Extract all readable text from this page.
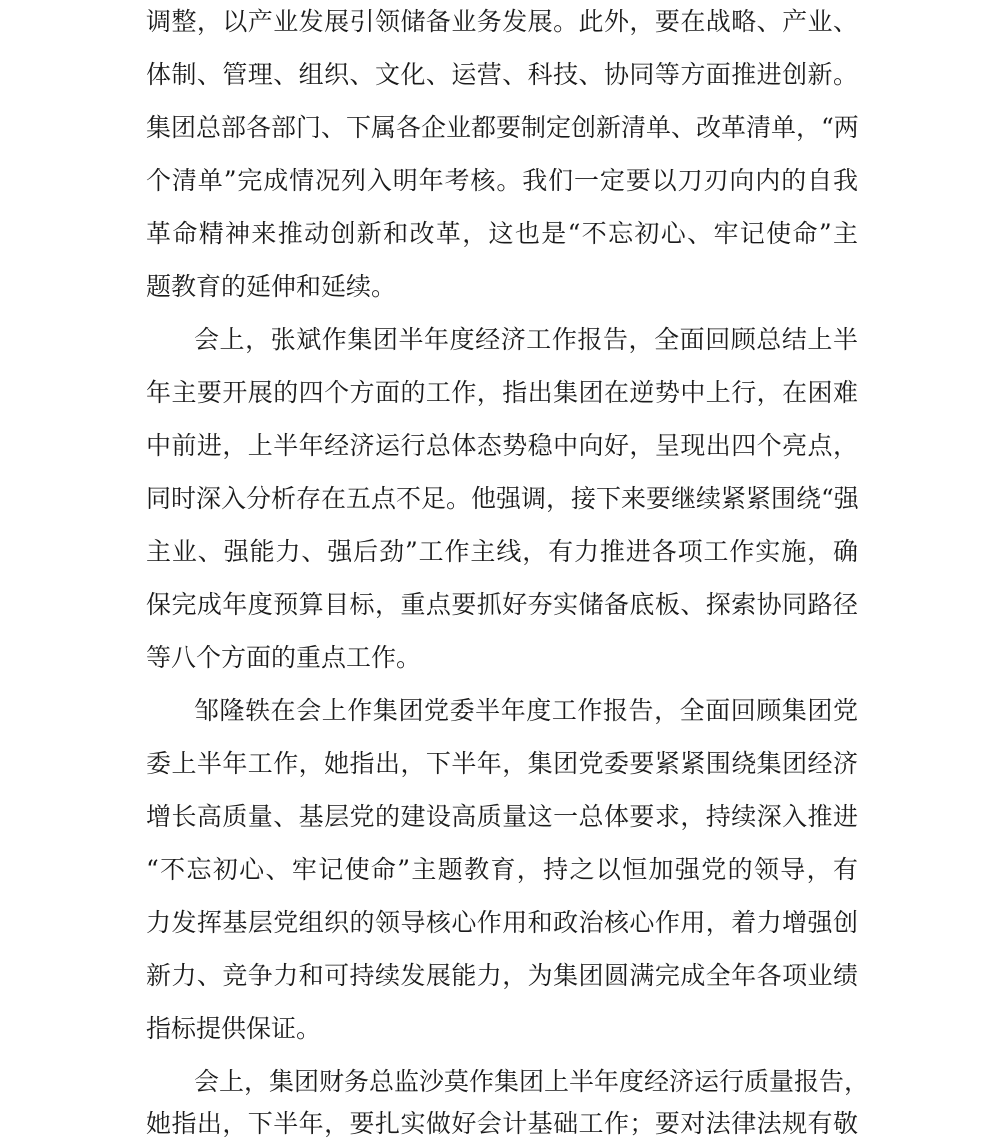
调整，以产业发展引领储备业务发展。此外，要在战略、产业、

体制、管理、组织、文化、运营、科技、协同等方面推进创新。

集团总部各部门、下属各企业都要制定创新清单、改革清单，“两

个清单”完成情况列入明年考核。我们一定要以刀刃向内的自我

革命精神来推动创新和改革，这也是“不忘初心、牢记使命”主

题教育的延伸和延续。

会上，张斌作集团半年度经济工作报告，全面回顾总结上半

年主要开展的四个方面的工作，指出集团在逆势中上行，在困难

中前进，上半年经济运行总体态势稳中向好，呈现出四个亮点，

同时深入分析存在五点不足。他强调，接下来要继续紧紧围绕“强

主业、强能力、强后劲”工作主线，有力推进各项工作实施，确

保完成年度预算目标，重点要抓好夯实储备底板、探索协同路径

等八个方面的重点工作。

邹隆轶在会上作集团党委半年度工作报告，全面回顾集团党

委上半年工作，她指出，下半年，集团党委要紧紧围绕集团经济

增长高质量、基层党的建设高质量这一总体要求，持续深入推进

“不忘初心、牢记使命”主题教育，持之以恒加强党的领导，有

力发挥基层党组织的领导核心作用和政治核心作用，着力增强创

新力、竞争力和可持续发展能力，为集团圆满完成全年各项业绩

指标提供保证。

会上，集团财务总监沙莫作集团上半年度经济运行质量报告，

她指出，下半年，要扎实做好会计基础工作；要对法律法规有敬
